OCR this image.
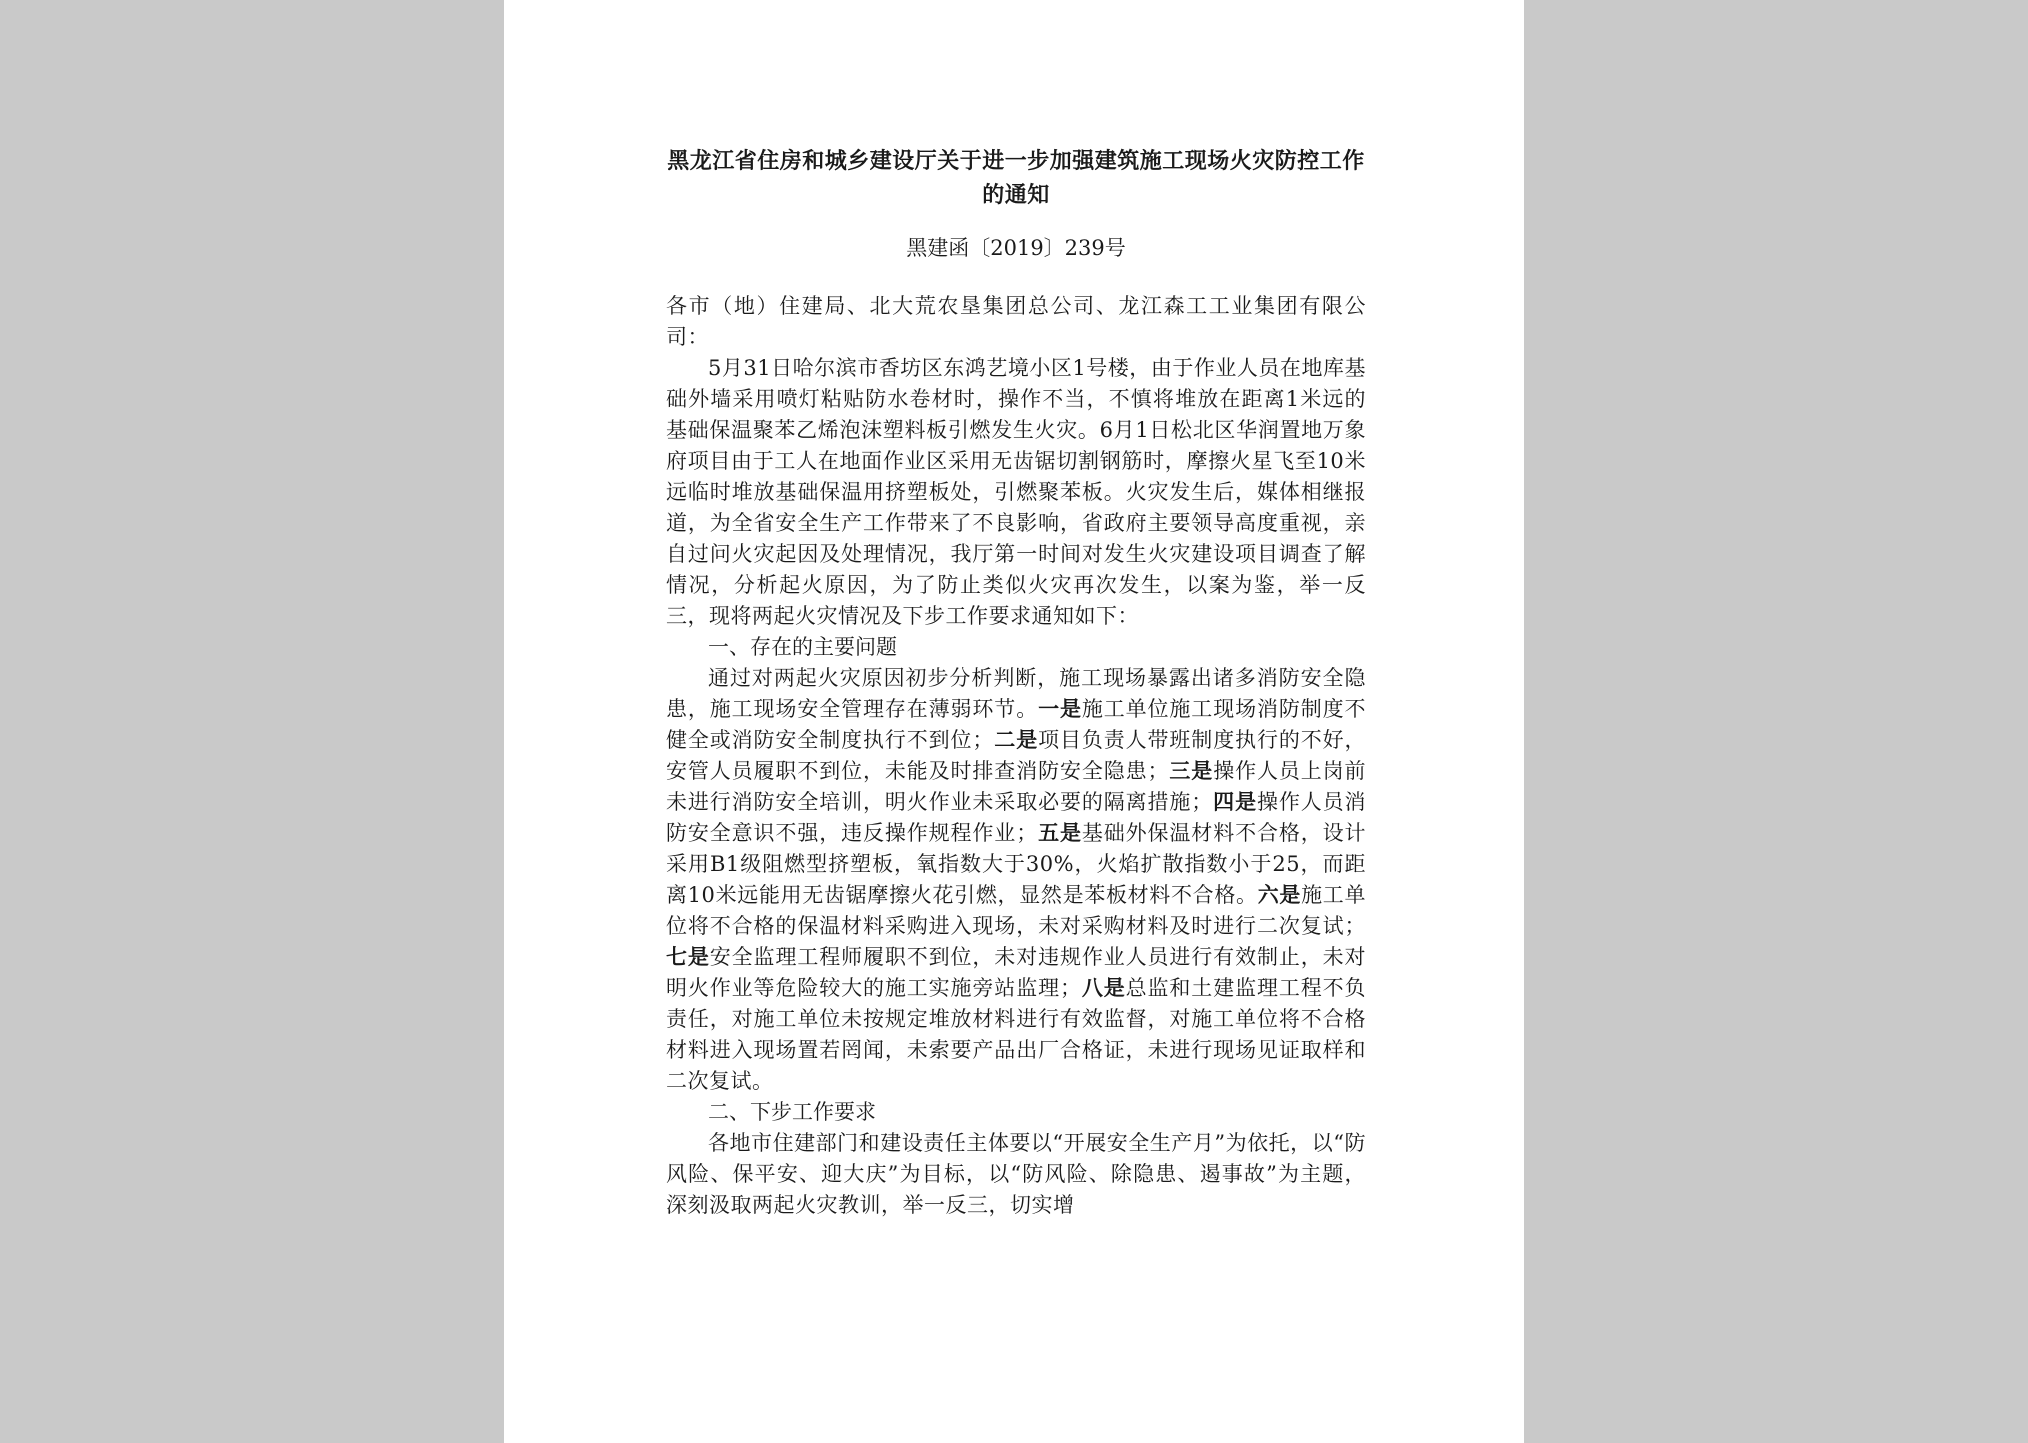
黑龙江省住房和城乡建设厅关于进一步加强建筑施工现场火灾防控工作的通知
黑建函〔2019〕239号

各市（地）住建局、北大荒农垦集团总公司、龙江森工工业集团有限公司：

5月31日哈尔滨市香坊区东鸿艺境小区1号楼，由于作业人员在地库基础外墙采用喷灯粘贴防水卷材时，操作不当，不慎将堆放在距离1米远的基础保温聚苯乙烯泡沫塑料板引燃发生火灾。6月1日松北区华润置地万象府项目由于工人在地面作业区采用无齿锯切割钢筋时，摩擦火星飞至10米远临时堆放基础保温用挤塑板处，引燃聚苯板。火灾发生后，媒体相继报道，为全省安全生产工作带来了不良影响，省政府主要领导高度重视，亲自过问火灾起因及处理情况，我厅第一时间对发生火灾建设项目调查了解情况，分析起火原因，为了防止类似火灾再次发生，以案为鉴，举一反三，现将两起火灾情况及下步工作要求通知如下：

一、存在的主要问题

通过对两起火灾原因初步分析判断，施工现场暴露出诸多消防安全隐患，施工现场安全管理存在薄弱环节。一是施工单位施工现场消防制度不健全或消防安全制度执行不到位；二是项目负责人带班制度执行的不好，安管人员履职不到位，未能及时排查消防安全隐患；三是操作人员上岗前未进行消防安全培训，明火作业未采取必要的隔离措施；四是操作人员消防安全意识不强，违反操作规程作业；五是基础外保温材料不合格，设计采用B1级阻燃型挤塑板，氧指数大于30%，火焰扩散指数小于25，而距离10米远能用无齿锯摩擦火花引燃，显然是苯板材料不合格。六是施工单位将不合格的保温材料采购进入现场，未对采购材料及时进行二次复试；七是安全监理工程师履职不到位，未对违规作业人员进行有效制止，未对明火作业等危险较大的施工实施旁站监理；八是总监和土建监理工程不负责任，对施工单位未按规定堆放材料进行有效监督，对施工单位将不合格材料进入现场置若罔闻，未索要产品出厂合格证，未进行现场见证取样和二次复试。

二、下步工作要求

各地市住建部门和建设责任主体要以“开展安全生产月”为依托，以“防风险、保平安、迎大庆”为目标，以“防风险、除隐患、遏事故”为主题，深刻汲取两起火灾教训，举一反三，切实增
